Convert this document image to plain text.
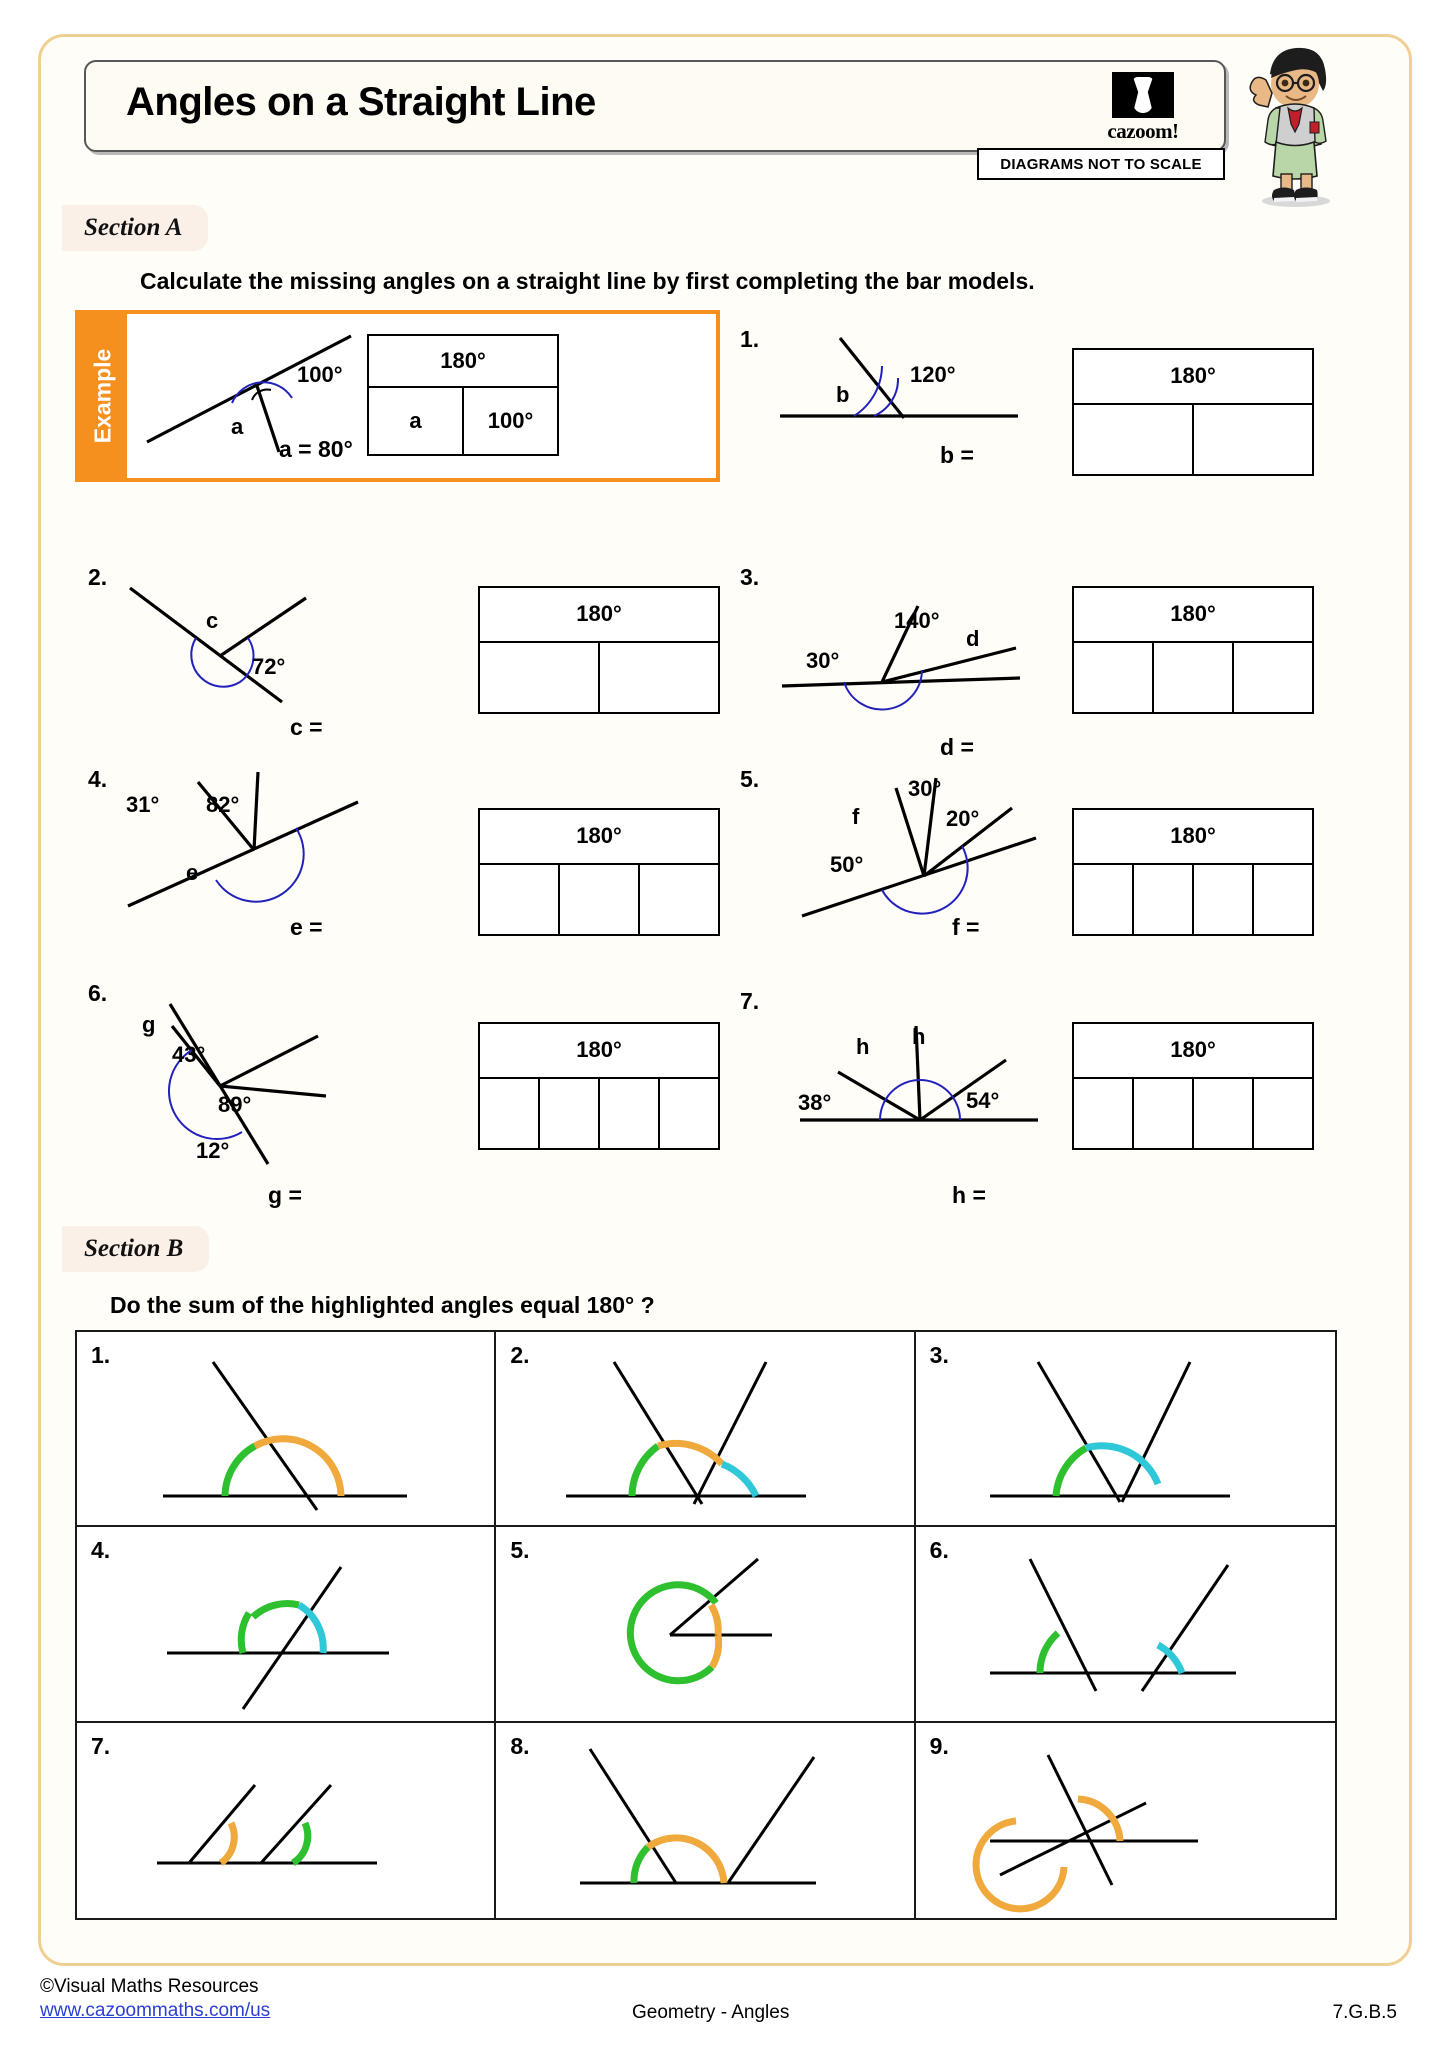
Angles on a Straight Line
cazoom!
DIAGRAMS NOT TO SCALE
Section A
Calculate the missing angles on a straight line by first completing the bar models.
Example	100°
a
a = 80°
180°
a	100°
1.
120°
b
b =
180°
2.
c
72°
c =
180°
3.
30°
140°
d
d =
180°
4.
31° 82°
e
e =
180°
5.	30°
f	20°
50°
f =
180°
6.
g
43°
89°
12°
g =
180°
7.
h h
38°	54°
h =
180°
Section B
Do the sum of the highlighted angles equal 180° ?
1.	2.	3.
4.	5.	6.
7.	8.	9.
©Visual Maths Resources
www.cazoommaths.com/us	Geometry - Angles	7.G.B.5
